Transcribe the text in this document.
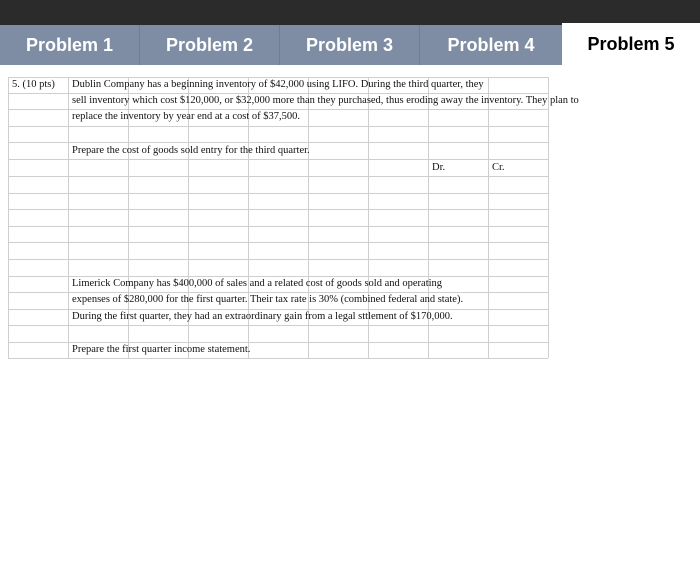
Problem 1	Problem 2	Problem 3	Problem 4	Problem 5
5. (10 pts) Dublin Company has a beginning inventory of $42,000 using LIFO. During the third quarter, they
sell inventory which cost $120,000, or $32,000 more than they purchased, thus eroding away the inventory. They plan to
replace the inventory by year end at a cost of $37,500.
Prepare the cost of goods sold entry for the third quarter.
Dr.	Cr.
Limerick Company has $400,000 of sales and a related cost of goods sold and operating
expenses of $280,000 for the first quarter. Their tax rate is 30% (combined federal and state).
During the first quarter, they had an extraordinary gain from a legal sttlement of $170,000.
Prepare the first quarter income statement.
